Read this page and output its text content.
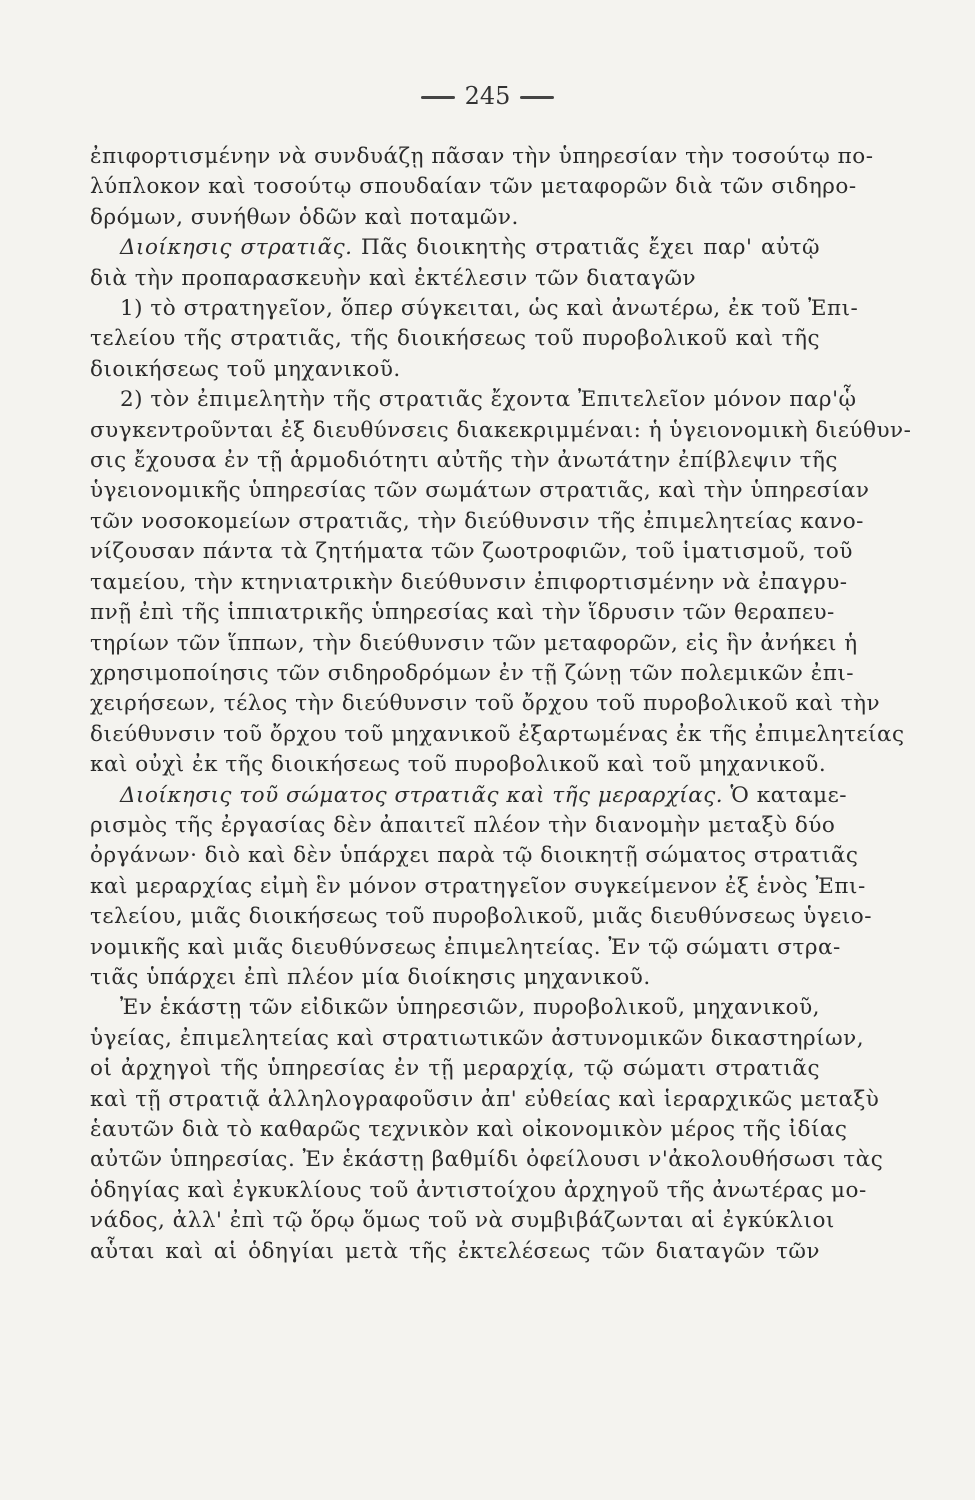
245
ἐπιφορτισμένην νὰ συνδυάζῃ πᾶσαν τὴν ὑπηρεσίαν τὴν τοσούτῳ πο-
λύπλοκον καὶ τοσούτῳ σπουδαίαν τῶν μεταφορῶν διὰ τῶν σιδηρο-
δρόμων, συνήθων ὁδῶν καὶ ποταμῶν.
Διοίκησις στρατιᾶς. Πᾶς διοικητὴς στρατιᾶς ἔχει παρ' αὐτῷ
διὰ τὴν προπαρασκευὴν καὶ ἐκτέλεσιν τῶν διαταγῶν
1) τὸ στρατηγεῖον, ὅπερ σύγκειται, ὡς καὶ ἀνωτέρω, ἐκ τοῦ Ἐπι-
τελείου τῆς στρατιᾶς, τῆς διοικήσεως τοῦ πυροβολικοῦ καὶ τῆς
διοικήσεως τοῦ μηχανικοῦ.
2) τὸν ἐπιμελητὴν τῆς στρατιᾶς ἔχοντα Ἐπιτελεῖον μόνον παρ'ᾧ
συγκεντροῦνται ἐξ διευθύνσεις διακεκριμμέναι: ἡ ὑγειονομικὴ διεύθυν-
σις ἔχουσα ἐν τῇ ἁρμοδιότητι αὐτῆς τὴν ἀνωτάτην ἐπίβλεψιν τῆς
ὑγειονομικῆς ὑπηρεσίας τῶν σωμάτων στρατιᾶς, καὶ τὴν ὑπηρεσίαν
τῶν νοσοκομείων στρατιᾶς, τὴν διεύθυνσιν τῆς ἐπιμελητείας κανο-
νίζουσαν πάντα τὰ ζητήματα τῶν ζωοτροφιῶν, τοῦ ἱματισμοῦ, τοῦ
ταμείου, τὴν κτηνιατρικὴν διεύθυνσιν ἐπιφορτισμένην νὰ ἐπαγρυ-
πνῇ ἐπὶ τῆς ἱππιατρικῆς ὑπηρεσίας καὶ τὴν ἵδρυσιν τῶν θεραπευ-
τηρίων τῶν ἵππων, τὴν διεύθυνσιν τῶν μεταφορῶν, εἰς ἣν ἀνήκει ἡ
χρησιμοποίησις τῶν σιδηροδρόμων ἐν τῇ ζώνῃ τῶν πολεμικῶν ἐπι-
χειρήσεων, τέλος τὴν διεύθυνσιν τοῦ ὄρχου τοῦ πυροβολικοῦ καὶ τὴν
διεύθυνσιν τοῦ ὄρχου τοῦ μηχανικοῦ ἐξαρτωμένας ἐκ τῆς ἐπιμελητείας
καὶ οὐχὶ ἐκ τῆς διοικήσεως τοῦ πυροβολικοῦ καὶ τοῦ μηχανικοῦ.
Διοίκησις τοῦ σώματος στρατιᾶς καὶ τῆς μεραρχίας. Ὁ καταμε-
ρισμὸς τῆς ἐργασίας δὲν ἀπαιτεῖ πλέον τὴν διανομὴν μεταξὺ δύο
ὀργάνων· διὸ καὶ δὲν ὑπάρχει παρὰ τῷ διοικητῇ σώματος στρατιᾶς
καὶ μεραρχίας εἰμὴ ἓν μόνον στρατηγεῖον συγκείμενον ἐξ ἑνὸς Ἐπι-
τελείου, μιᾶς διοικήσεως τοῦ πυροβολικοῦ, μιᾶς διευθύνσεως ὑγειο-
νομικῆς καὶ μιᾶς διευθύνσεως ἐπιμελητείας. Ἐν τῷ σώματι στρα-
τιᾶς ὑπάρχει ἐπὶ πλέον μία διοίκησις μηχανικοῦ.
Ἐν ἑκάστῃ τῶν εἰδικῶν ὑπηρεσιῶν, πυροβολικοῦ, μηχανικοῦ,
ὑγείας, ἐπιμελητείας καὶ στρατιωτικῶν ἀστυνομικῶν δικαστηρίων,
οἱ ἀρχηγοὶ τῆς ὑπηρεσίας ἐν τῇ μεραρχίᾳ, τῷ σώματι στρατιᾶς
καὶ τῇ στρατιᾷ ἀλληλογραφοῦσιν ἀπ' εὐθείας καὶ ἱεραρχικῶς μεταξὺ
ἑαυτῶν διὰ τὸ καθαρῶς τεχνικὸν καὶ οἰκονομικὸν μέρος τῆς ἰδίας
αὐτῶν ὑπηρεσίας. Ἐν ἑκάστῃ βαθμίδι ὀφείλουσι ν'ἀκολουθήσωσι τὰς
ὁδηγίας καὶ ἐγκυκλίους τοῦ ἀντιστοίχου ἀρχηγοῦ τῆς ἀνωτέρας μο-
νάδος, ἀλλ' ἐπὶ τῷ ὅρῳ ὅμως τοῦ νὰ συμβιβάζωνται αἱ ἐγκύκλιοι
αὗται καὶ αἱ ὁδηγίαι μετὰ τῆς ἐκτελέσεως τῶν διαταγῶν τῶν
